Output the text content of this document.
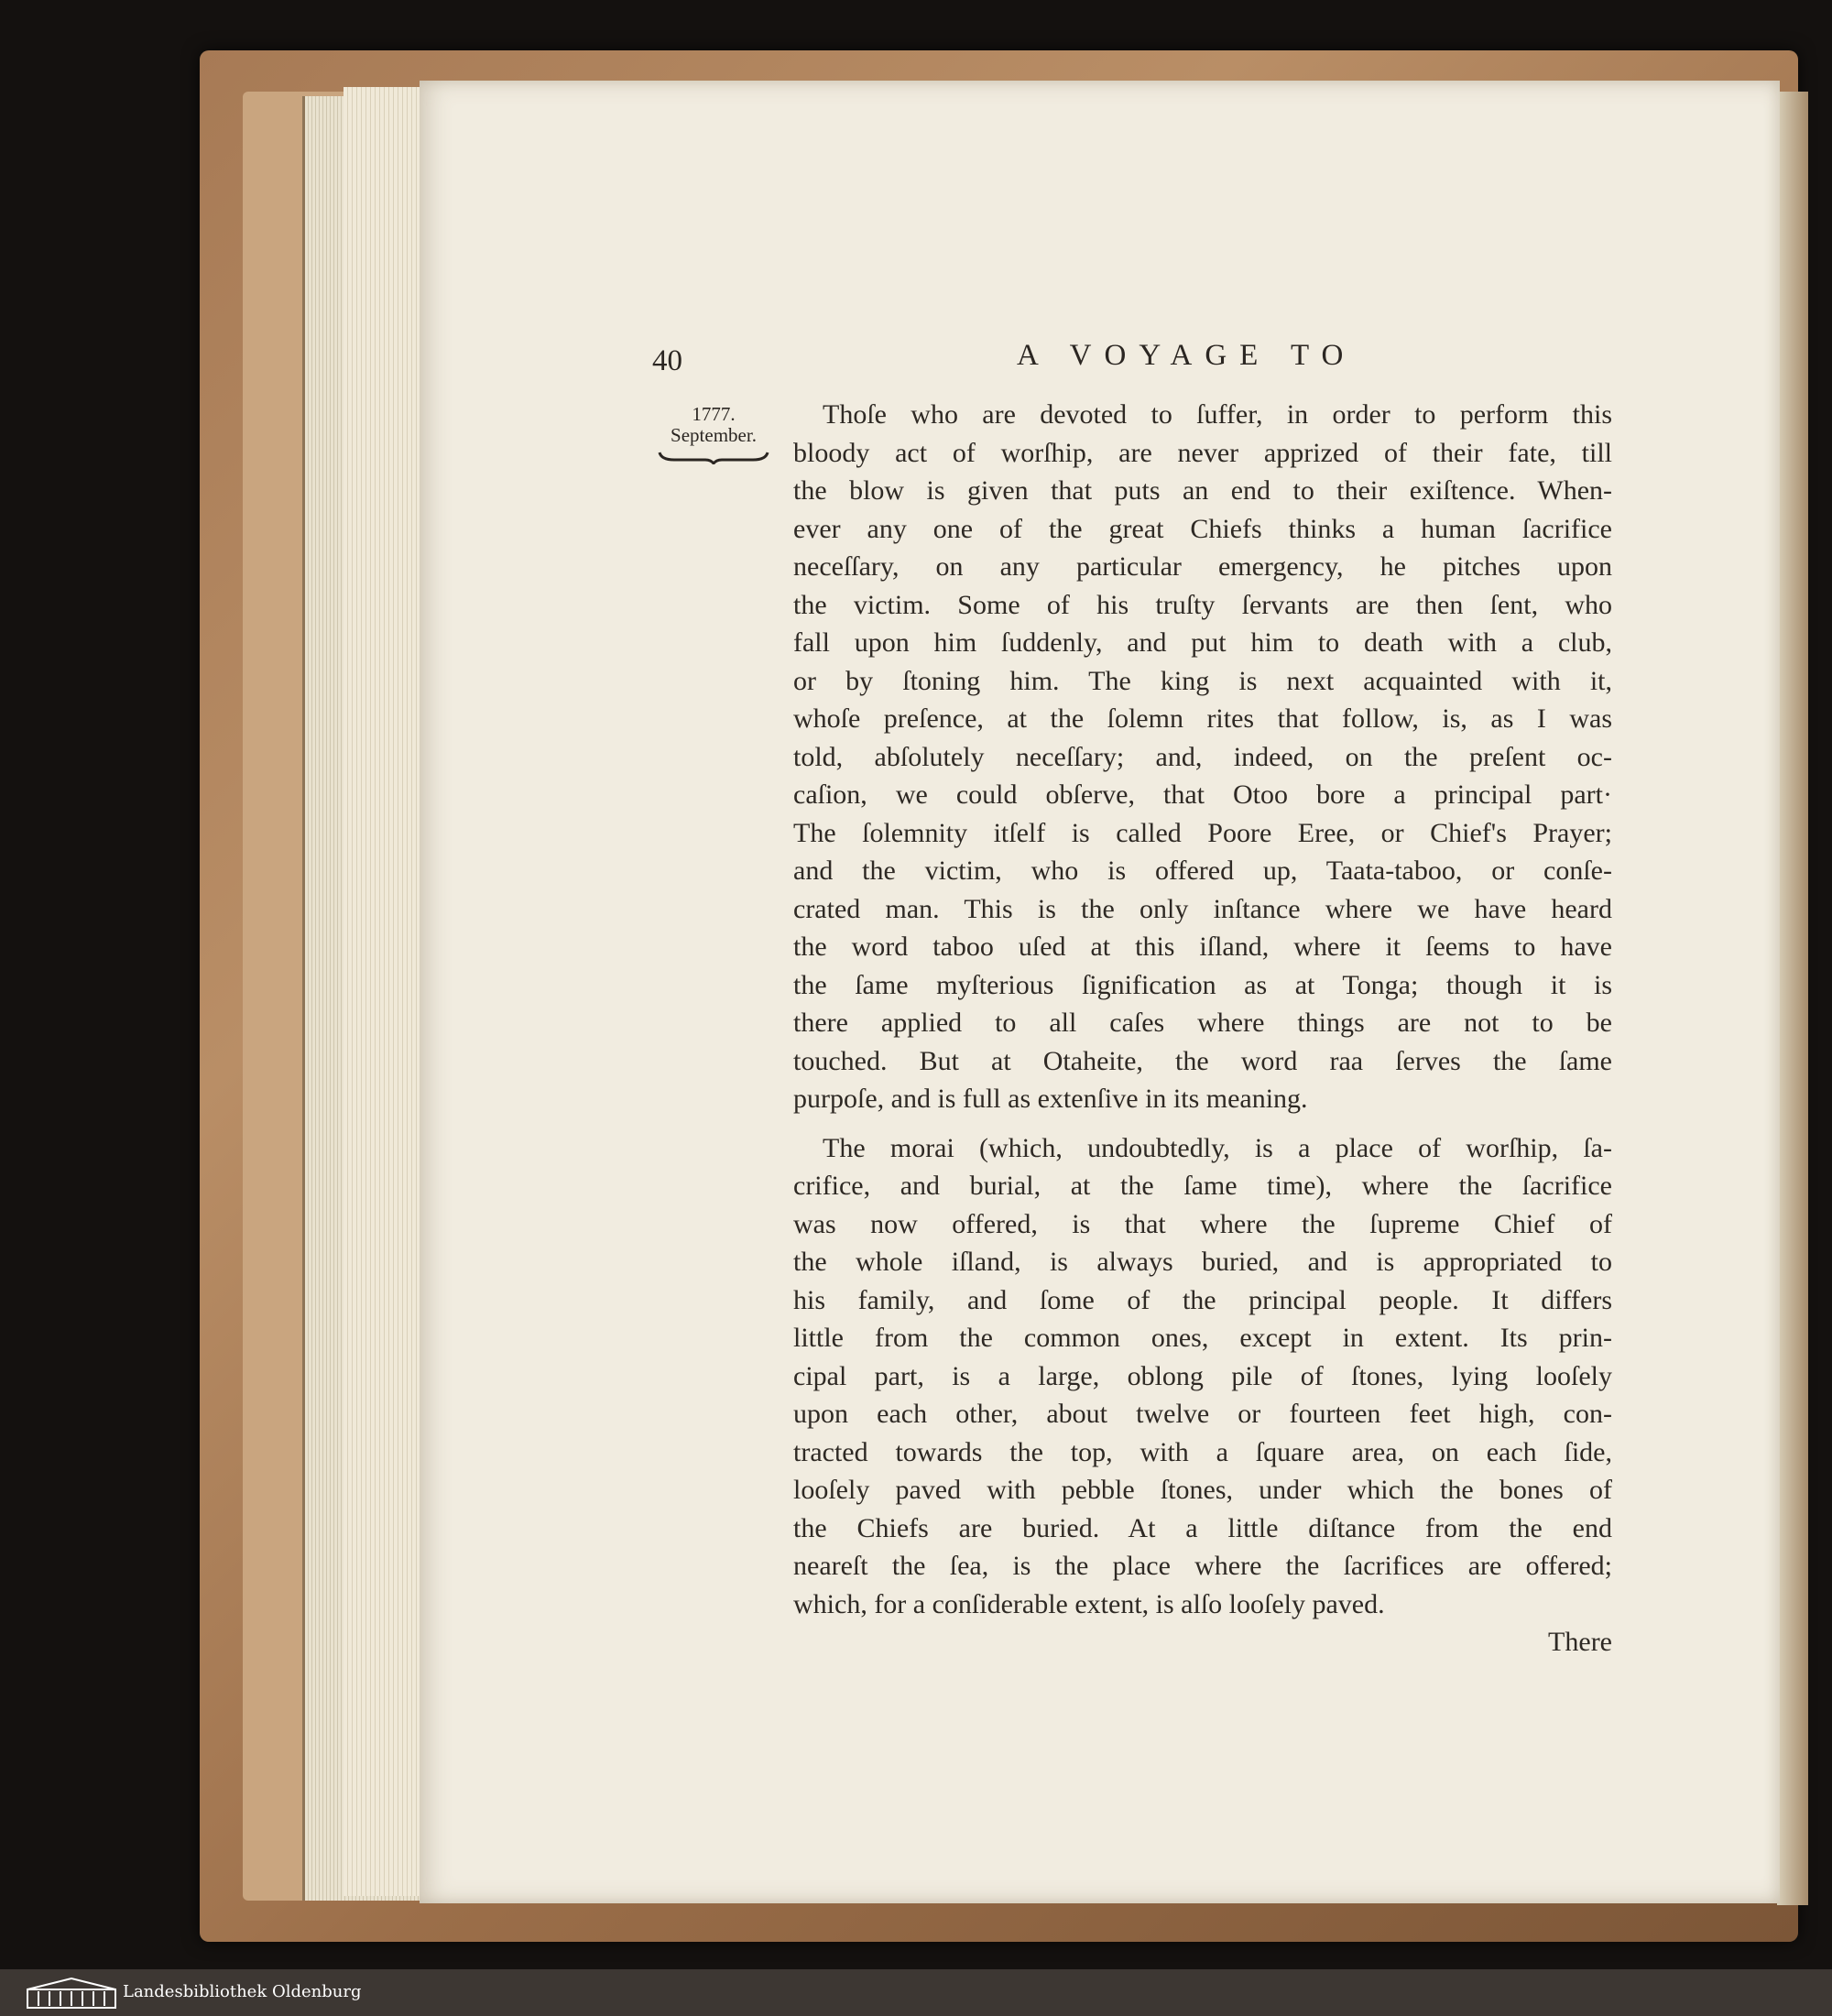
40	A VOYAGE TO
1777.
September.
Thoſe who are devoted to ſuffer, in order to perform this
bloody act of worſhip, are never apprized of their fate, till
the blow is given that puts an end to their exiſtence. When-
ever any one of the great Chiefs thinks a human ſacrifice
neceſſary, on any particular emergency, he pitches upon
the victim. Some of his truſty ſervants are then ſent, who
fall upon him ſuddenly, and put him to death with a club,
or by ſtoning him. The king is next acquainted with it,
whoſe preſence, at the ſolemn rites that follow, is, as I was
told, abſolutely neceſſary; and, indeed, on the preſent oc-
caſion, we could obſerve, that Otoo bore a principal part·
The ſolemnity itſelf is called Poore Eree, or Chief's Prayer;
and the victim, who is offered up, Taata-taboo, or conſe-
crated man. This is the only inſtance where we have heard
the word taboo uſed at this iſland, where it ſeems to have
the ſame myſterious ſignification as at Tonga; though it is
there applied to all caſes where things are not to be
touched. But at Otaheite, the word raa ſerves the ſame
purpoſe, and is full as extenſive in its meaning.
The morai (which, undoubtedly, is a place of worſhip, ſa-
crifice, and burial, at the ſame time), where the ſacrifice
was now offered, is that where the ſupreme Chief of
the whole iſland, is always buried, and is appropriated to
his family, and ſome of the principal people. It differs
little from the common ones, except in extent. Its prin-
cipal part, is a large, oblong pile of ſtones, lying looſely
upon each other, about twelve or fourteen feet high, con-
tracted towards the top, with a ſquare area, on each ſide,
looſely paved with pebble ſtones, under which the bones of
the Chiefs are buried. At a little diſtance from the end
neareſt the ſea, is the place where the ſacrifices are offered;
which, for a conſiderable extent, is alſo looſely paved.
There
Landesbibliothek Oldenburg
